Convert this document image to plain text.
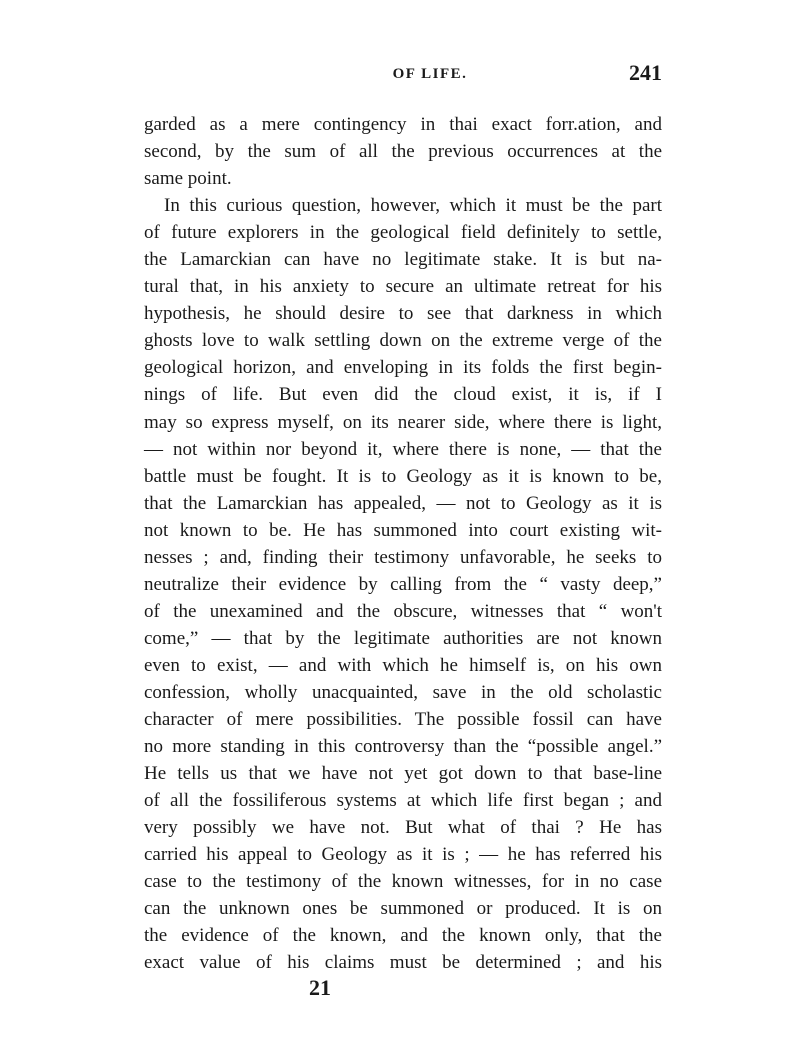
OF LIFE.	241
garded as a mere contingency in thai exact forr.ation, and
second, by the sum of all the previous occurrences at the
same point.
In this curious question, however, which it must be the part
of future explorers in the geological field definitely to settle,
the Lamarckian can have no legitimate stake. It is but na-
tural that, in his anxiety to secure an ultimate retreat for his
hypothesis, he should desire to see that darkness in which
ghosts love to walk settling down on the extreme verge of the
geological horizon, and enveloping in its folds the first begin-
nings of life. But even did the cloud exist, it is, if I
may so express myself, on its nearer side, where there is light,
— not within nor beyond it, where there is none, — that the
battle must be fought. It is to Geology as it is known to be,
that the Lamarckian has appealed, — not to Geology as it is
not known to be. He has summoned into court existing wit-
nesses ; and, finding their testimony unfavorable, he seeks to
neutralize their evidence by calling from the “ vasty deep,”
of the unexamined and the obscure, witnesses that “ won't
come,” — that by the legitimate authorities are not known
even to exist, — and with which he himself is, on his own
confession, wholly unacquainted, save in the old scholastic
character of mere possibilities. The possible fossil can have
no more standing in this controversy than the “possible angel.”
He tells us that we have not yet got down to that base-line
of all the fossiliferous systems at which life first began ; and
very possibly we have not. But what of thai ? He has
carried his appeal to Geology as it is ; — he has referred his
case to the testimony of the known witnesses, for in no case
can the unknown ones be summoned or produced. It is on
the evidence of the known, and the known only, that the
exact value of his claims must be determined ; and his
21
